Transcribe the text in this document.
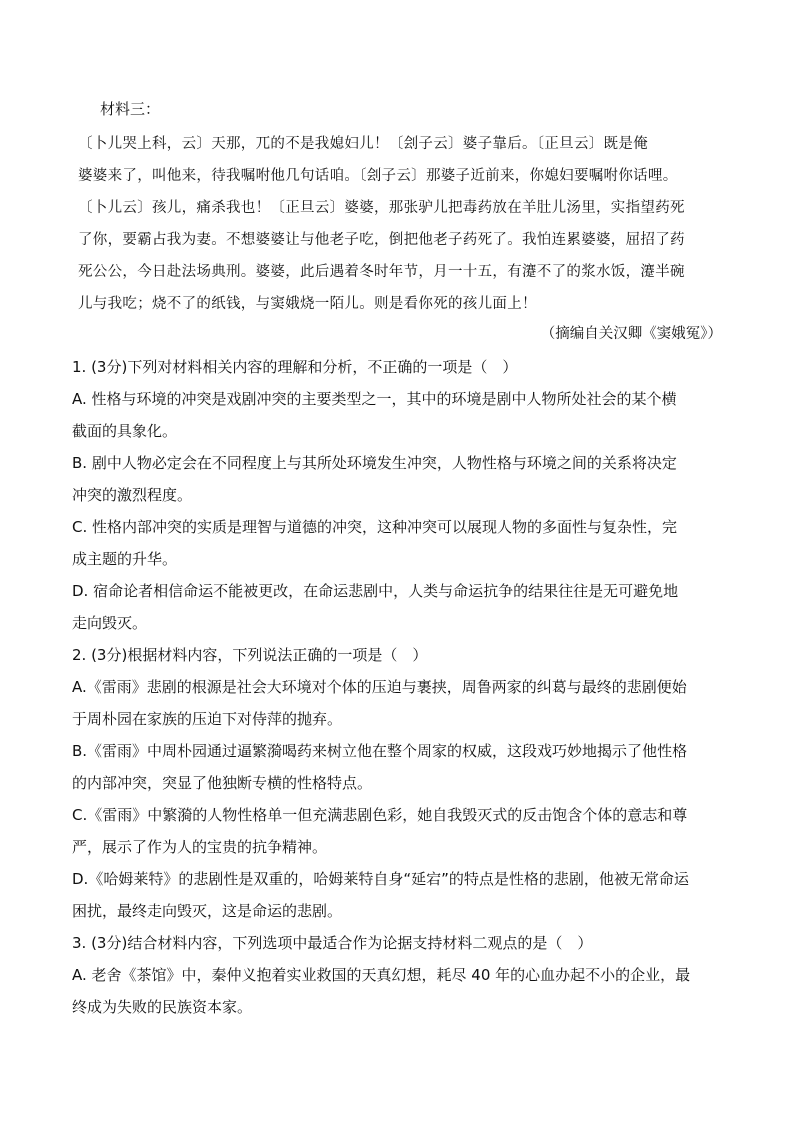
材料三：
〔卜儿哭上科，云〕天那，兀的不是我媳妇儿！〔刽子云〕婆子靠后。〔正旦云〕既是俺
婆婆来了，叫他来，待我嘱咐他几句话咱。〔刽子云〕那婆子近前来，你媳妇要嘱咐你话哩。
〔卜儿云〕孩儿，痛杀我也！〔正旦云〕婆婆，那张驴儿把毒药放在羊肚儿汤里，实指望药死
了你，要霸占我为妻。不想婆婆让与他老子吃，倒把他老子药死了。我怕连累婆婆，屈招了药
死公公，今日赴法场典刑。婆婆，此后遇着冬时年节，月一十五，有瀽不了的浆水饭，瀽半碗
儿与我吃；烧不了的纸钱，与窦娥烧一陌儿。则是看你死的孩儿面上！
（摘编自关汉卿《窦娥冤》）
1. (3分)下列对材料相关内容的理解和分析，不正确的一项是（　）
A. 性格与环境的冲突是戏剧冲突的主要类型之一，其中的环境是剧中人物所处社会的某个横
截面的具象化。
B. 剧中人物必定会在不同程度上与其所处环境发生冲突，人物性格与环境之间的关系将决定
冲突的激烈程度。
C. 性格内部冲突的实质是理智与道德的冲突，这种冲突可以展现人物的多面性与复杂性，完
成主题的升华。
D. 宿命论者相信命运不能被更改，在命运悲剧中，人类与命运抗争的结果往往是无可避免地
走向毁灭。
2. (3分)根据材料内容，下列说法正确的一项是（　）
A.《雷雨》悲剧的根源是社会大环境对个体的压迫与裹挟，周鲁两家的纠葛与最终的悲剧便始
于周朴园在家族的压迫下对侍萍的抛弃。
B.《雷雨》中周朴园通过逼繁漪喝药来树立他在整个周家的权威，这段戏巧妙地揭示了他性格
的内部冲突，突显了他独断专横的性格特点。
C.《雷雨》中繁漪的人物性格单一但充满悲剧色彩，她自我毁灭式的反击饱含个体的意志和尊
严，展示了作为人的宝贵的抗争精神。
D.《哈姆莱特》的悲剧性是双重的，哈姆莱特自身“延宕”的特点是性格的悲剧，他被无常命运
困扰，最终走向毁灭，这是命运的悲剧。
3. (3分)结合材料内容，下列选项中最适合作为论据支持材料二观点的是（　）
A. 老舍《茶馆》中，秦仲义抱着实业救国的天真幻想，耗尽 40 年的心血办起不小的企业，最
终成为失败的民族资本家。
